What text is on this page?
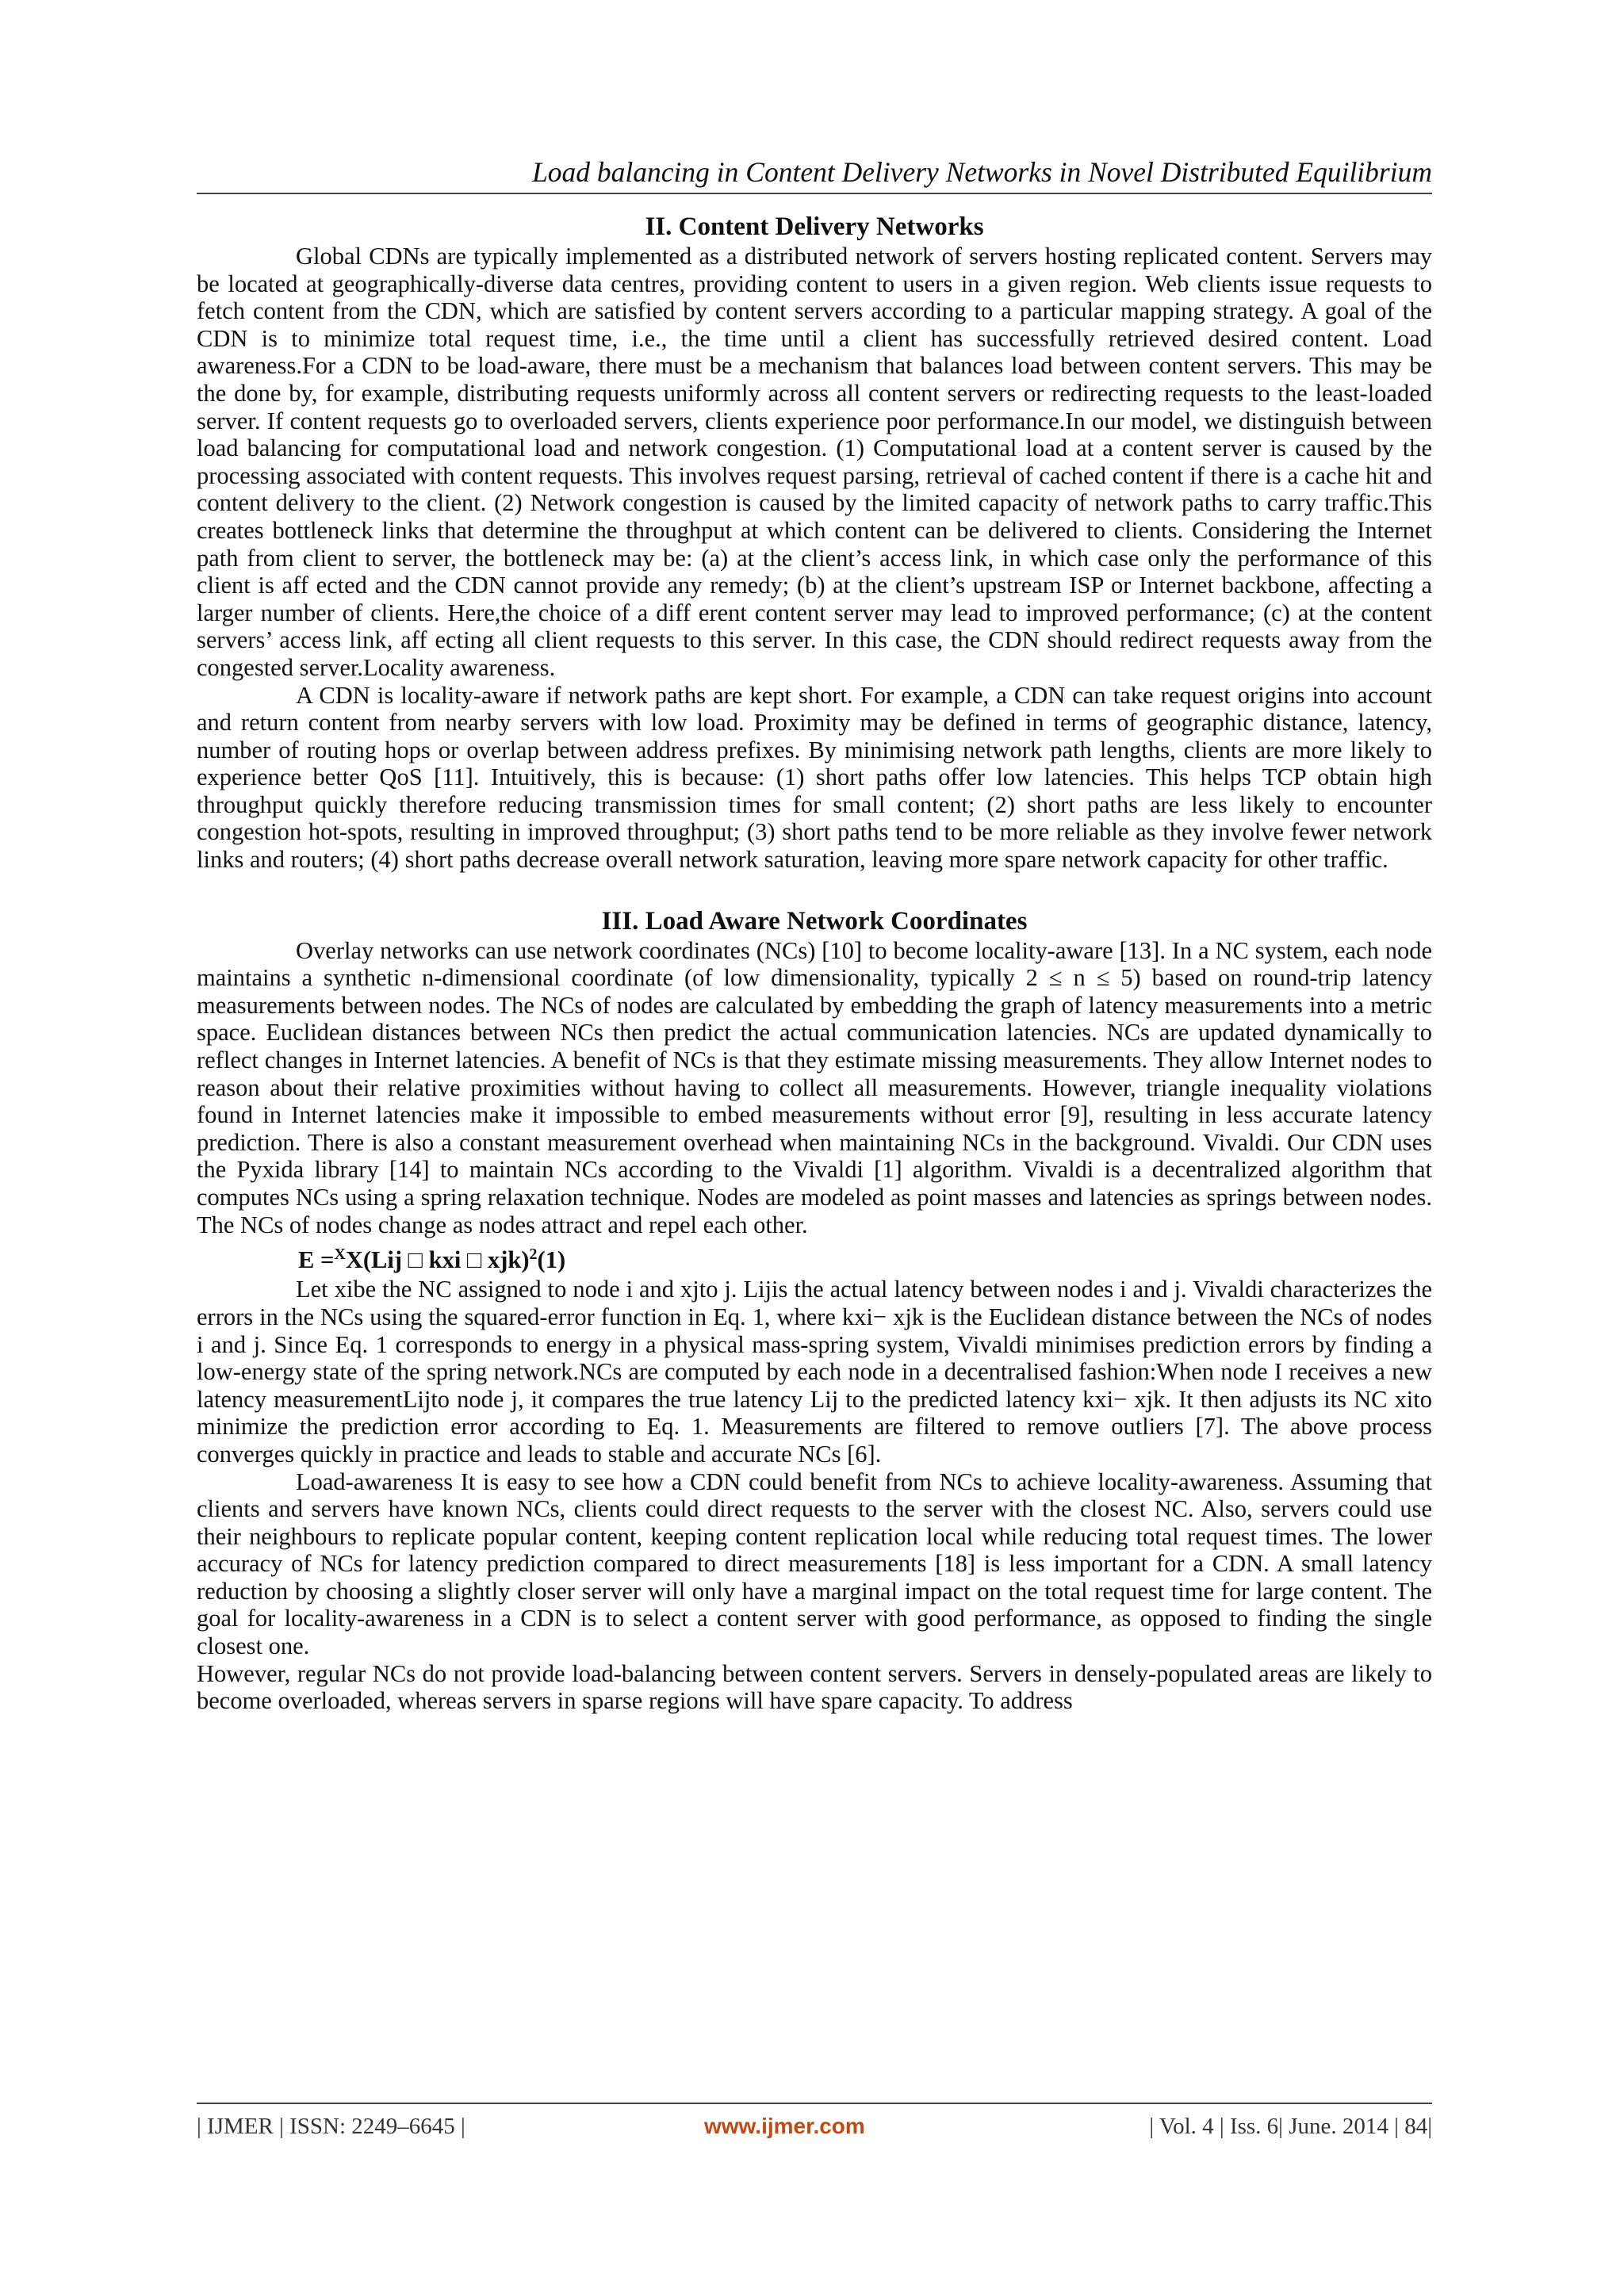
Load balancing in Content Delivery Networks in Novel Distributed Equilibrium
II. Content Delivery Networks

Global CDNs are typically implemented as a distributed network of servers hosting replicated content. Servers may be located at geographically-diverse data centres, providing content to users in a given region. Web clients issue requests to fetch content from the CDN, which are satisfied by content servers according to a particular mapping strategy. A goal of the CDN is to minimize total request time, i.e., the time until a client has successfully retrieved desired content. Load awareness.For a CDN to be load-aware, there must be a mechanism that balances load between content servers. This may be the done by, for example, distributing requests uniformly across all content servers or redirecting requests to the least-loaded server. If content requests go to overloaded servers, clients experience poor performance.In our model, we distinguish between load balancing for computational load and network congestion. (1) Computational load at a content server is caused by the processing associated with content requests. This involves request parsing, retrieval of cached content if there is a cache hit and content delivery to the client. (2) Network congestion is caused by the limited capacity of network paths to carry traffic.This creates bottleneck links that determine the throughput at which content can be delivered to clients. Considering the Internet path from client to server, the bottleneck may be: (a) at the client’s access link, in which case only the performance of this client is aff ected and the CDN cannot provide any remedy; (b) at the client’s upstream ISP or Internet backbone, affecting a larger number of clients. Here,the choice of a diff erent content server may lead to improved performance; (c) at the content servers’ access link, aff ecting all client requests to this server. In this case, the CDN should redirect requests away from the congested server.Locality awareness.

A CDN is locality-aware if network paths are kept short. For example, a CDN can take request origins into account and return content from nearby servers with low load. Proximity may be defined in terms of geographic distance, latency, number of routing hops or overlap between address prefixes. By minimising network path lengths, clients are more likely to experience better QoS [11]. Intuitively, this is because: (1) short paths offer low latencies. This helps TCP obtain high throughput quickly therefore reducing transmission times for small content; (2) short paths are less likely to encounter congestion hot-spots, resulting in improved throughput; (3) short paths tend to be more reliable as they involve fewer network links and routers; (4) short paths decrease overall network saturation, leaving more spare network capacity for other traffic.

III. Load Aware Network Coordinates

Overlay networks can use network coordinates (NCs) [10] to become locality-aware [13]. In a NC system, each node maintains a synthetic n-dimensional coordinate (of low dimensionality, typically 2 ≤ n ≤ 5) based on round-trip latency measurements between nodes. The NCs of nodes are calculated by embedding the graph of latency measurements into a metric space. Euclidean distances between NCs then predict the actual communication latencies. NCs are updated dynamically to reflect changes in Internet latencies. A benefit of NCs is that they estimate missing measurements. They allow Internet nodes to reason about their relative proximities without having to collect all measurements. However, triangle inequality violations found in Internet latencies make it impossible to embed measurements without error [9], resulting in less accurate latency prediction. There is also a constant measurement overhead when maintaining NCs in the background. Vivaldi. Our CDN uses the Pyxida library [14] to maintain NCs according to the Vivaldi [1] algorithm. Vivaldi is a decentralized algorithm that computes NCs using a spring relaxation technique. Nodes are modeled as point masses and latencies as springs between nodes. The NCs of nodes change as nodes attract and repel each other.

E =$^X$X(Lij □ kxi □ xjk)$^2$(1)

Let xibe the NC assigned to node i and xjto j. Lijis the actual latency between nodes i and j. Vivaldi characterizes the errors in the NCs using the squared-error function in Eq. 1, where kxi− xjk is the Euclidean distance between the NCs of nodes i and j. Since Eq. 1 corresponds to energy in a physical mass-spring system, Vivaldi minimises prediction errors by finding a low-energy state of the spring network.NCs are computed by each node in a decentralised fashion:When node I receives a new latency measurementLijto node j, it compares the true latency Lij to the predicted latency kxi− xjk. It then adjusts its NC xito minimize the prediction error according to Eq. 1. Measurements are filtered to remove outliers [7]. The above process converges quickly in practice and leads to stable and accurate NCs [6].

Load-awareness It is easy to see how a CDN could benefit from NCs to achieve locality-awareness. Assuming that clients and servers have known NCs, clients could direct requests to the server with the closest NC. Also, servers could use their neighbours to replicate popular content, keeping content replication local while reducing total request times. The lower accuracy of NCs for latency prediction compared to direct measurements [18] is less important for a CDN. A small latency reduction by choosing a slightly closer server will only have a marginal impact on the total request time for large content. The goal for locality-awareness in a CDN is to select a content server with good performance, as opposed to finding the single closest one.

However, regular NCs do not provide load-balancing between content servers. Servers in densely-populated areas are likely to become overloaded, whereas servers in sparse regions will have spare capacity. To address

| IJMER | ISSN: 2249–6645 |	www.ijmer.com	| Vol. 4 | Iss. 6| June. 2014 | 84|
